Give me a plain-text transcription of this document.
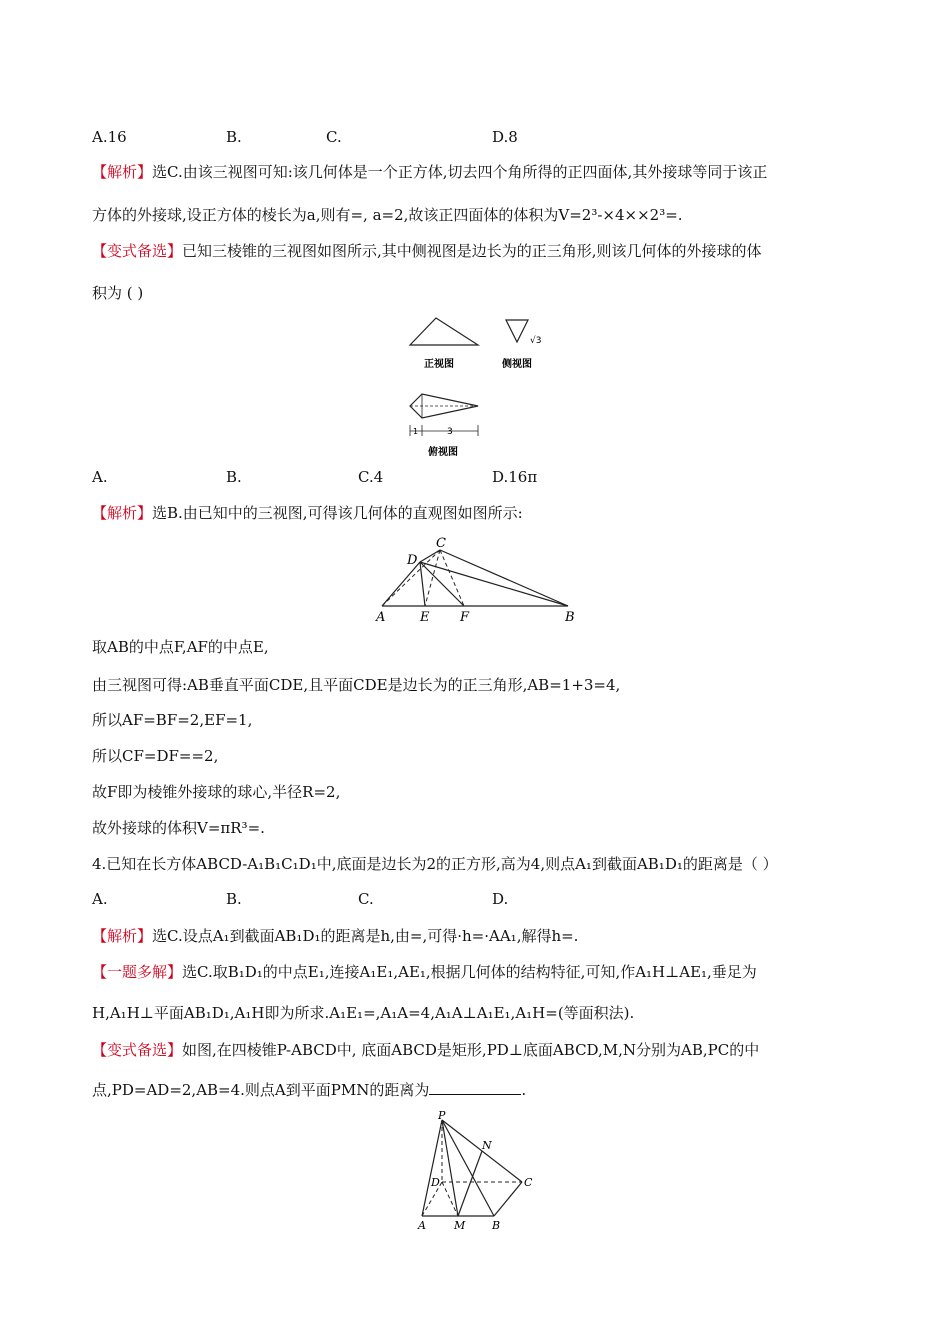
A.16	B.	C.	D.8
【解析】选C.由该三视图可知:该几何体是一个正方体,切去四个角所得的正四面体,其外接球等同于该正
方体的外接球,设正方体的棱长为a,则有=, a=2,故该正四面体的体积为V=2³-×4××2³=.
【变式备选】已知三棱锥的三视图如图所示,其中侧视图是边长为的正三角形,则该几何体的外接球的体
积为 ( )
正视图
√3
侧视图
1	3
俯视图
A.	B.	C.4	D.16π
【解析】选B.由已知中的三视图,可得该几何体的直观图如图所示:
C
D
A	E F	B
取AB的中点F,AF的中点E,
由三视图可得:AB垂直平面CDE,且平面CDE是边长为的正三角形,AB=1+3=4,
所以AF=BF=2,EF=1,
所以CF=DF==2,
故F即为棱锥外接球的球心,半径R=2,
故外接球的体积V=πR³=.
4.已知在长方体ABCD-A₁B₁C₁D₁中,底面是边长为2的正方形,高为4,则点A₁到截面AB₁D₁的距离是（ ）
A.	B.	C.	D.
【解析】选C.设点A₁到截面AB₁D₁的距离是h,由=,可得·h=·AA₁,解得h=.
【一题多解】选C.取B₁D₁的中点E₁,连接A₁E₁,AE₁,根据几何体的结构特征,可知,作A₁H⊥AE₁,垂足为
H,A₁H⊥平面AB₁D₁,A₁H即为所求.A₁E₁=,A₁A=4,A₁A⊥A₁E₁,A₁H=(等面积法).
【变式备选】如图,在四棱锥P-ABCD中, 底面ABCD是矩形,PD⊥底面ABCD,M,N分别为AB,PC的中
点,PD=AD=2,AB=4.则点A到平面PMN的距离为	.
P
N
D	C
A	M B
